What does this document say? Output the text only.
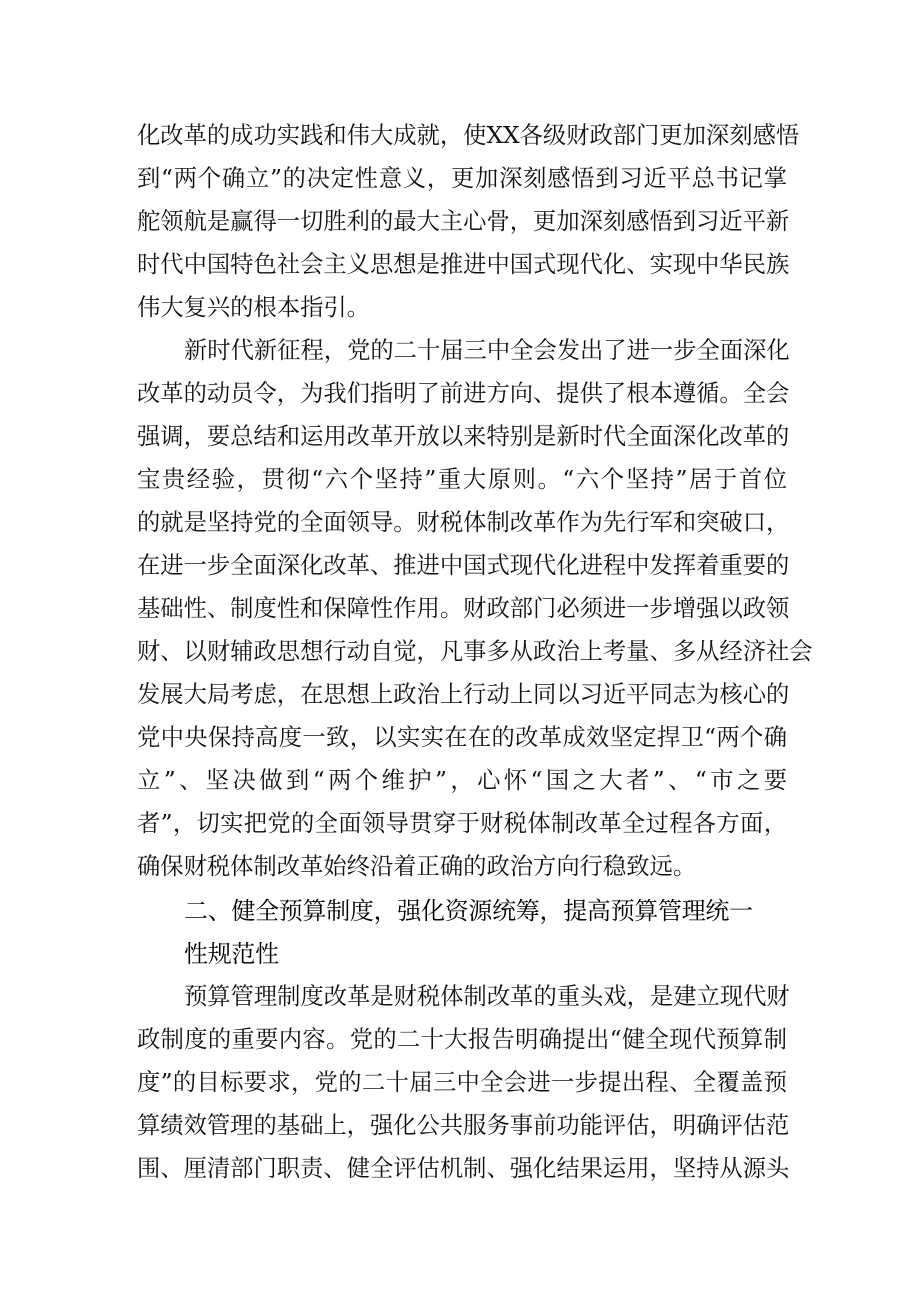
化改革的成功实践和伟大成就，使XX各级财政部门更加深刻感悟

到“两个确立”的决定性意义，更加深刻感悟到习近平总书记掌

舵领航是赢得一切胜利的最大主心骨，更加深刻感悟到习近平新

时代中国特色社会主义思想是推进中国式现代化、实现中华民族

伟大复兴的根本指引。

新时代新征程，党的二十届三中全会发出了进一步全面深化

改革的动员令，为我们指明了前进方向、提供了根本遵循。全会

强调，要总结和运用改革开放以来特别是新时代全面深化改革的

宝贵经验，贯彻“六个坚持”重大原则。“六个坚持”居于首位

的就是坚持党的全面领导。财税体制改革作为先行军和突破口，

在进一步全面深化改革、推进中国式现代化进程中发挥着重要的

基础性、制度性和保障性作用。财政部门必须进一步增强以政领

财、以财辅政思想行动自觉，凡事多从政治上考量、多从经济社会

发展大局考虑，在思想上政治上行动上同以习近平同志为核心的

党中央保持高度一致，以实实在在的改革成效坚定捍卫“两个确

立”、坚决做到“两个维护”，心怀“国之大者”、“市之要

者”，切实把党的全面领导贯穿于财税体制改革全过程各方面，

确保财税体制改革始终沿着正确的政治方向行稳致远。

二、健全预算制度，强化资源统筹，提高预算管理统一

性规范性

预算管理制度改革是财税体制改革的重头戏，是建立现代财

政制度的重要内容。党的二十大报告明确提出“健全现代预算制

度”的目标要求，党的二十届三中全会进一步提出程、全覆盖预

算绩效管理的基础上，强化公共服务事前功能评估，明确评估范

围、厘清部门职责、健全评估机制、强化结果运用，坚持从源头
